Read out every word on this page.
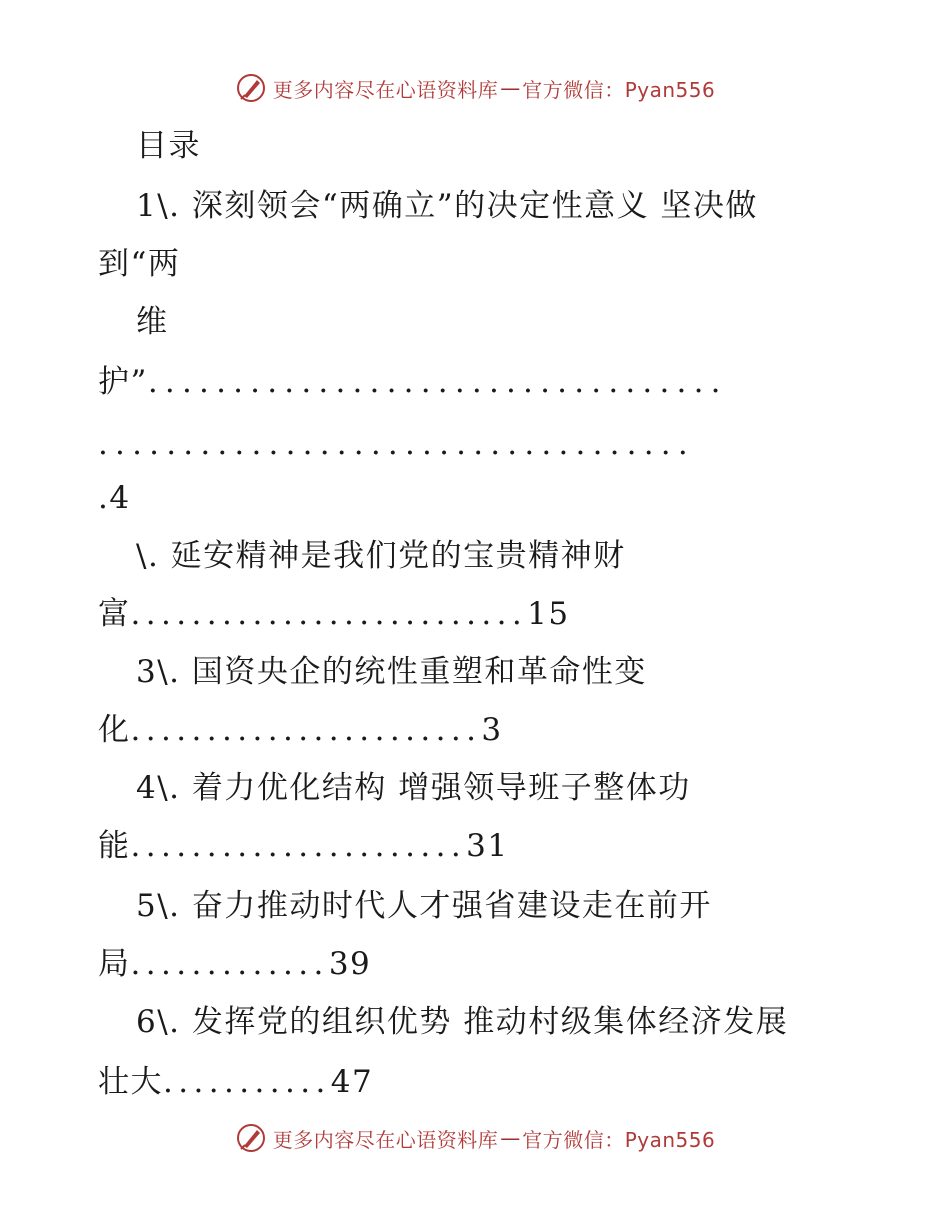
更多内容尽在心语资料库 — 官方微信：Pyan556
目录
1\. 深刻领会“两确立”的决定性意义 坚决做
到“两
维
护”..................................
...................................
.4
\. 延安精神是我们党的宝贵精神财
富..........................15
3\. 国资央企的统性重塑和革命性变
化.......................3
4\. 着力优化结构 增强领导班子整体功
能......................31
5\. 奋力推动时代人才强省建设走在前开
局.............39
6\. 发挥党的组织优势 推动村级集体经济发展
壮大...........47
更多内容尽在心语资料库 — 官方微信：Pyan556
